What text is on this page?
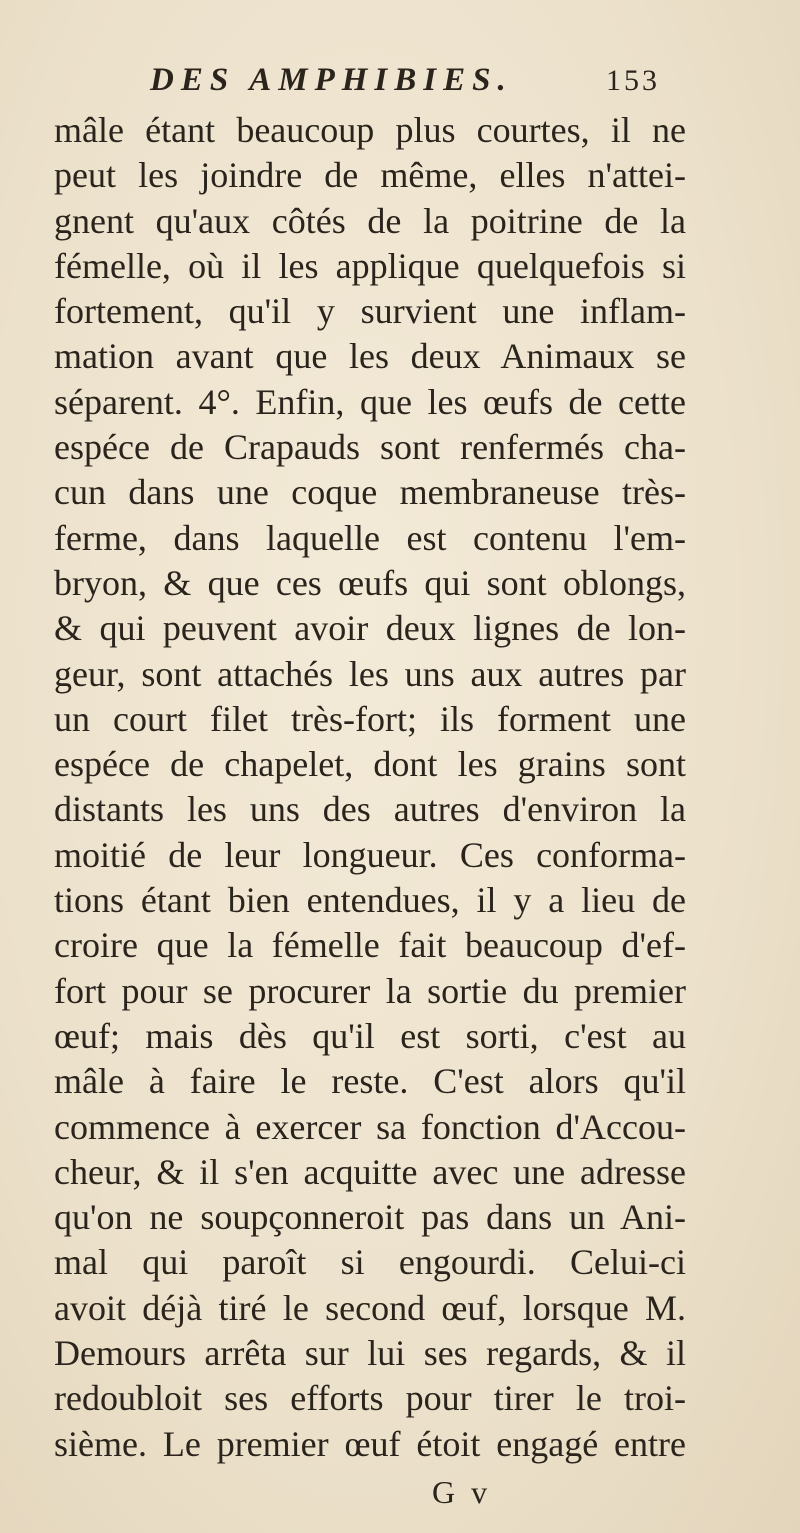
DES AMPHIBIES.	153
mâle étant beaucoup plus courtes, il ne
peut les joindre de même, elles n'attei-
gnent qu'aux côtés de la poitrine de la
fémelle, où il les applique quelquefois si
fortement, qu'il y survient une inflam-
mation avant que les deux Animaux se
séparent. 4°. Enfin, que les œufs de cette
espéce de Crapauds sont renfermés cha-
cun dans une coque membraneuse très-
ferme, dans laquelle est contenu l'em-
bryon, & que ces œufs qui sont oblongs,
& qui peuvent avoir deux lignes de lon-
geur, sont attachés les uns aux autres par
un court filet très-fort; ils forment une
espéce de chapelet, dont les grains sont
distants les uns des autres d'environ la
moitié de leur longueur. Ces conforma-
tions étant bien entendues, il y a lieu de
croire que la fémelle fait beaucoup d'ef-
fort pour se procurer la sortie du premier
œuf; mais dès qu'il est sorti, c'est au
mâle à faire le reste. C'est alors qu'il
commence à exercer sa fonction d'Accou-
cheur, & il s'en acquitte avec une adresse
qu'on ne soupçonneroit pas dans un Ani-
mal qui paroît si engourdi. Celui-ci
avoit déjà tiré le second œuf, lorsque M.
Demours arrêta sur lui ses regards, & il
redoubloit ses efforts pour tirer le troi-
sième. Le premier œuf étoit engagé entre
G v
